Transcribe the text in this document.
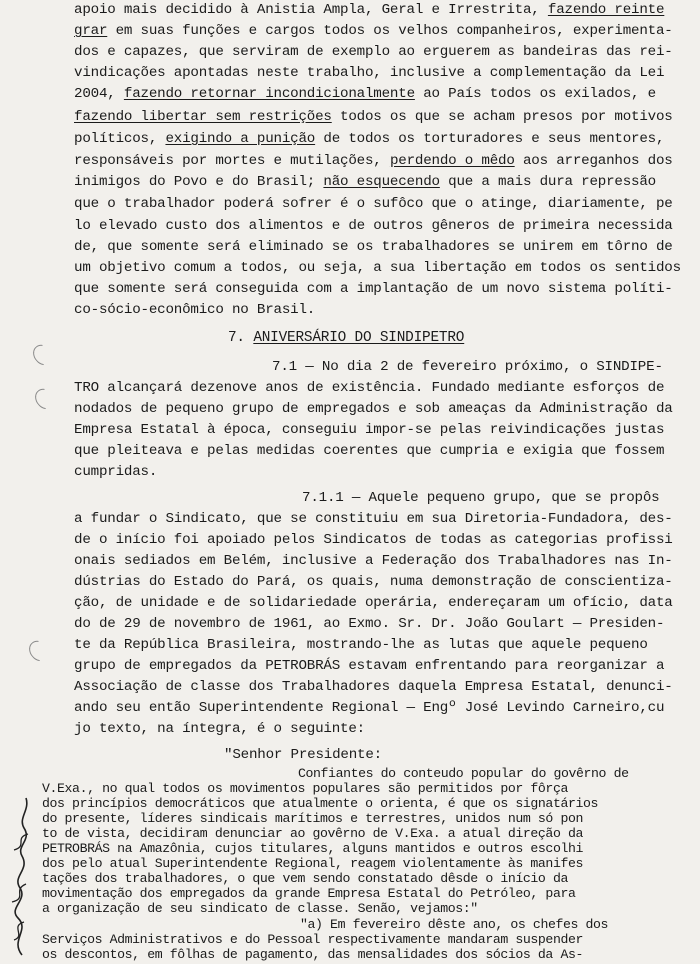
apoio mais decidido à Anistia Ampla, Geral e Irrestrita, fazendo reinte
grar em suas funções e cargos todos os velhos companheiros, experimenta-
dos e capazes, que serviram de exemplo ao erguerem as bandeiras das rei-
vindicações apontadas neste trabalho, inclusive a complementação da Lei
2004, fazendo retornar incondicionalmente ao País todos os exilados, e
fazendo libertar sem restrições todos os que se acham presos por motivos
políticos, exigindo a punição de todos os torturadores e seus mentores,
responsáveis por mortes e mutilações, perdendo o mêdo aos arreganhos dos
inimigos do Povo e do Brasil; não esquecendo que a mais dura repressão
que o trabalhador poderá sofrer é o sufôco que o atinge, diariamente, pe
lo elevado custo dos alimentos e de outros gêneros de primeira necessida
de, que somente será eliminado se os trabalhadores se unirem em tôrno de
um objetivo comum a todos, ou seja, a sua libertação em todos os sentidos
que somente será conseguida com a implantação de um novo sistema políti-
co-sócio-econômico no Brasil.
7. ANIVERSÁRIO DO SINDIPETRO
7.1 — No dia 2 de fevereiro próximo, o SINDIPE-
TRO alcançará dezenove anos de existência. Fundado mediante esforços de
nodados de pequeno grupo de empregados e sob ameaças da Administração da
Empresa Estatal à época, conseguiu impor-se pelas reivindicações justas
que pleiteava e pelas medidas coerentes que cumpria e exigia que fossem
cumpridas.
7.1.1 — Aquele pequeno grupo, que se propôs
a fundar o Sindicato, que se constituiu em sua Diretoria-Fundadora, des-
de o início foi apoiado pelos Sindicatos de todas as categorias profissi
onais sediados em Belém, inclusive a Federação dos Trabalhadores nas In-
dústrias do Estado do Pará, os quais, numa demonstração de conscientiza-
ção, de unidade e de solidariedade operária, endereçaram um ofício, data
do de 29 de novembro de 1961, ao Exmo. Sr. Dr. João Goulart — Presiden-
te da República Brasileira, mostrando-lhe as lutas que aquele pequeno
grupo de empregados da PETROBRÁS estavam enfrentando para reorganizar a
Associação de classe dos Trabalhadores daquela Empresa Estatal, denunci-
ando seu então Superintendente Regional — Engº José Levindo Carneiro,cu
jo texto, na íntegra, é o seguinte:
"Senhor Presidente:
Confiantes do conteudo popular do govêrno de
V.Exa., no qual todos os movimentos populares são permitidos por fôrça
dos princípios democráticos que atualmente o orienta, é que os signatários
do presente, líderes sindicais marítimos e terrestres, unidos num só pon
to de vista, decidiram denunciar ao govêrno de V.Exa. a atual direção da
PETROBRÁS na Amazônia, cujos titulares, alguns mantidos e outros escolhi
dos pelo atual Superintendente Regional, reagem violentamente às manifes
tações dos trabalhadores, o que vem sendo constatado dêsde o início da
movimentação dos empregados da grande Empresa Estatal do Petróleo, para
a organização de seu sindicato de classe. Senão, vejamos:"
"a) Em fevereiro dêste ano, os chefes dos
Serviços Administrativos e do Pessoal respectivamente mandaram suspender
os descontos, em fôlhas de pagamento, das mensalidades dos sócios da As-
